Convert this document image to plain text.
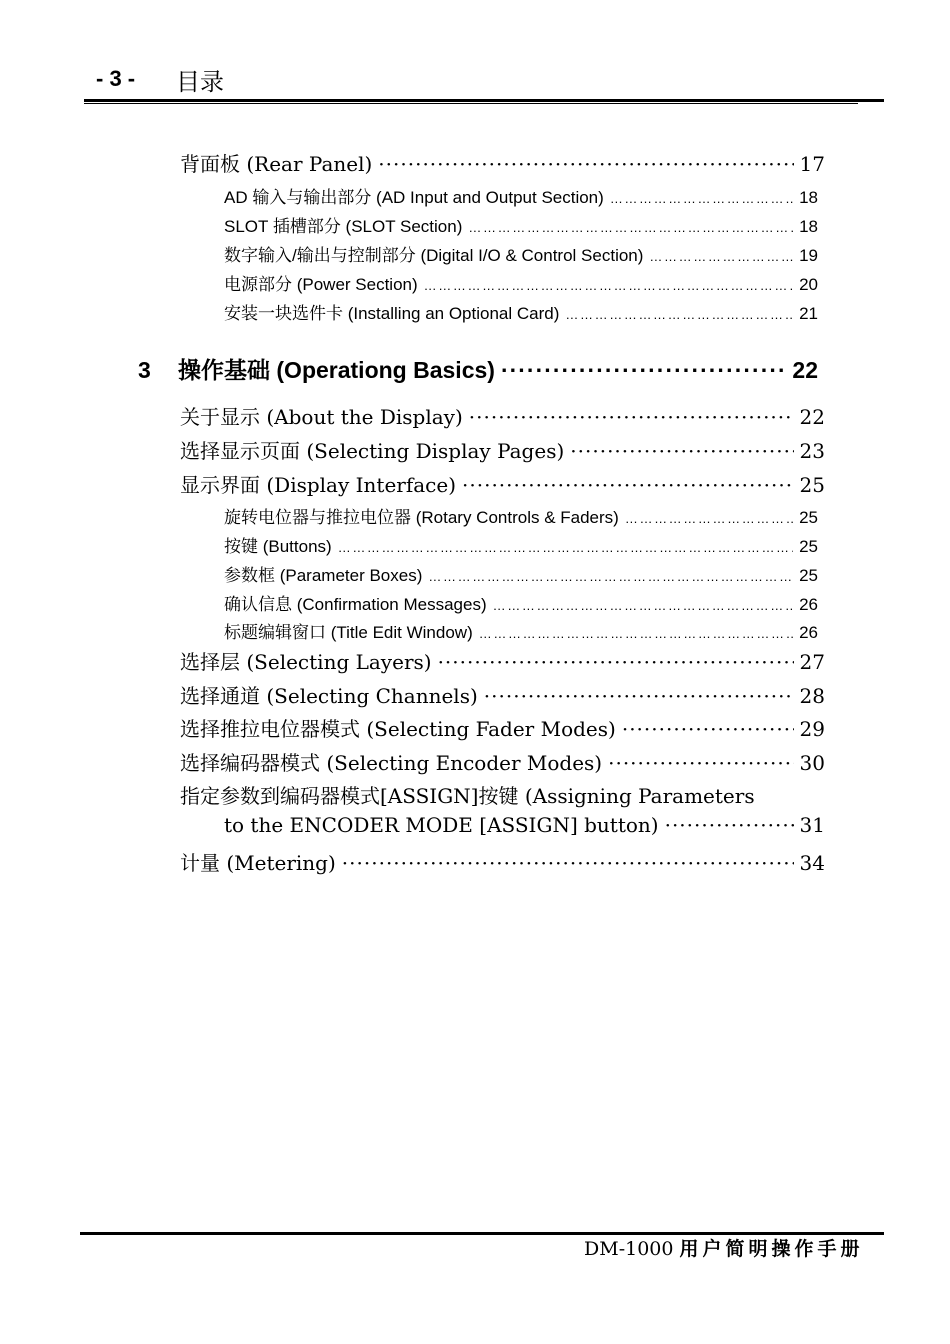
- 3 - 目录
背面板 (Rear Panel) ·····	17
AD 输入与输出部分 (AD Input and Output Section) … … … … … … … … … … … … … … … … … … … … … … … … … … … … … … … … … … … … … … … … … … … … … … … … … … … … … … … … … …	18
SLOT 插槽部分 (SLOT Section) … … … … … … … … … … … … … … … … … … … … … … … … … … … … … … … … … … … … … … … … … … … … … … … … … … … … … … … … … …	18
数字输入/输出与控制部分 (Digital I/O & Control Section) … … … … … … … … … … … … … … … … … … … … … … … … … … … … … … … … … … … … … … … … … … … … … … … … … … … … … … … … … …	19
电源部分 (Power Section) … … … … … … … … … … … … … … … … … … … … … … … … … … … … … … … … … … … … … … … … … … … … … … … … … … … … … … … … … …	20
安装一块选件卡 (Installing an Optional Card) … … … … … … … … … … … … … … … … … … … … … … … … … … … … … … … … … … … … … … … … … … … … … … … … … … … … … … … … … …	21
3 操作基础 (Operationg Basics) ·····	22
关于显示 (About the Display) ·····	22
选择显示页面 (Selecting Display Pages) ·····	23
显示界面 (Display Interface) ·····	25
旋转电位器与推拉电位器 (Rotary Controls & Faders) … … … … … … … … … … … … … … … … … … … … … … … … … … … … … … … … … … … … … … … … … … … … … … … … … … … … … … … … … …	25
按键 (Buttons) … … … … … … … … … … … … … … … … … … … … … … … … … … … … … … … … … … … … … … … … … … … … … … … … … … … … … … … … … …	25
参数框 (Parameter Boxes) … … … … … … … … … … … … … … … … … … … … … … … … … … … … … … … … … … … … … … … … … … … … … … … … … … … … … … … … … …	25
确认信息 (Confirmation Messages) … … … … … … … … … … … … … … … … … … … … … … … … … … … … … … … … … … … … … … … … … … … … … … … … … … … … … … … … … …	26
标题编辑窗口 (Title Edit Window) … … … … … … … … … … … … … … … … … … … … … … … … … … … … … … … … … … … … … … … … … … … … … … … … … … … … … … … … … …	26
选择层 (Selecting Layers) ·····	27
选择通道 (Selecting Channels) ·····	28
选择推拉电位器模式 (Selecting Fader Modes) ·····	29
选择编码器模式 (Selecting Encoder Modes) ·····	30
指定参数到编码器模式[ASSIGN]按键 (Assigning Parameters
to the ENCODER MODE [ASSIGN] button) ·····	31
计量 (Metering) ·····	34
DM-1000 用户简明操作手册
